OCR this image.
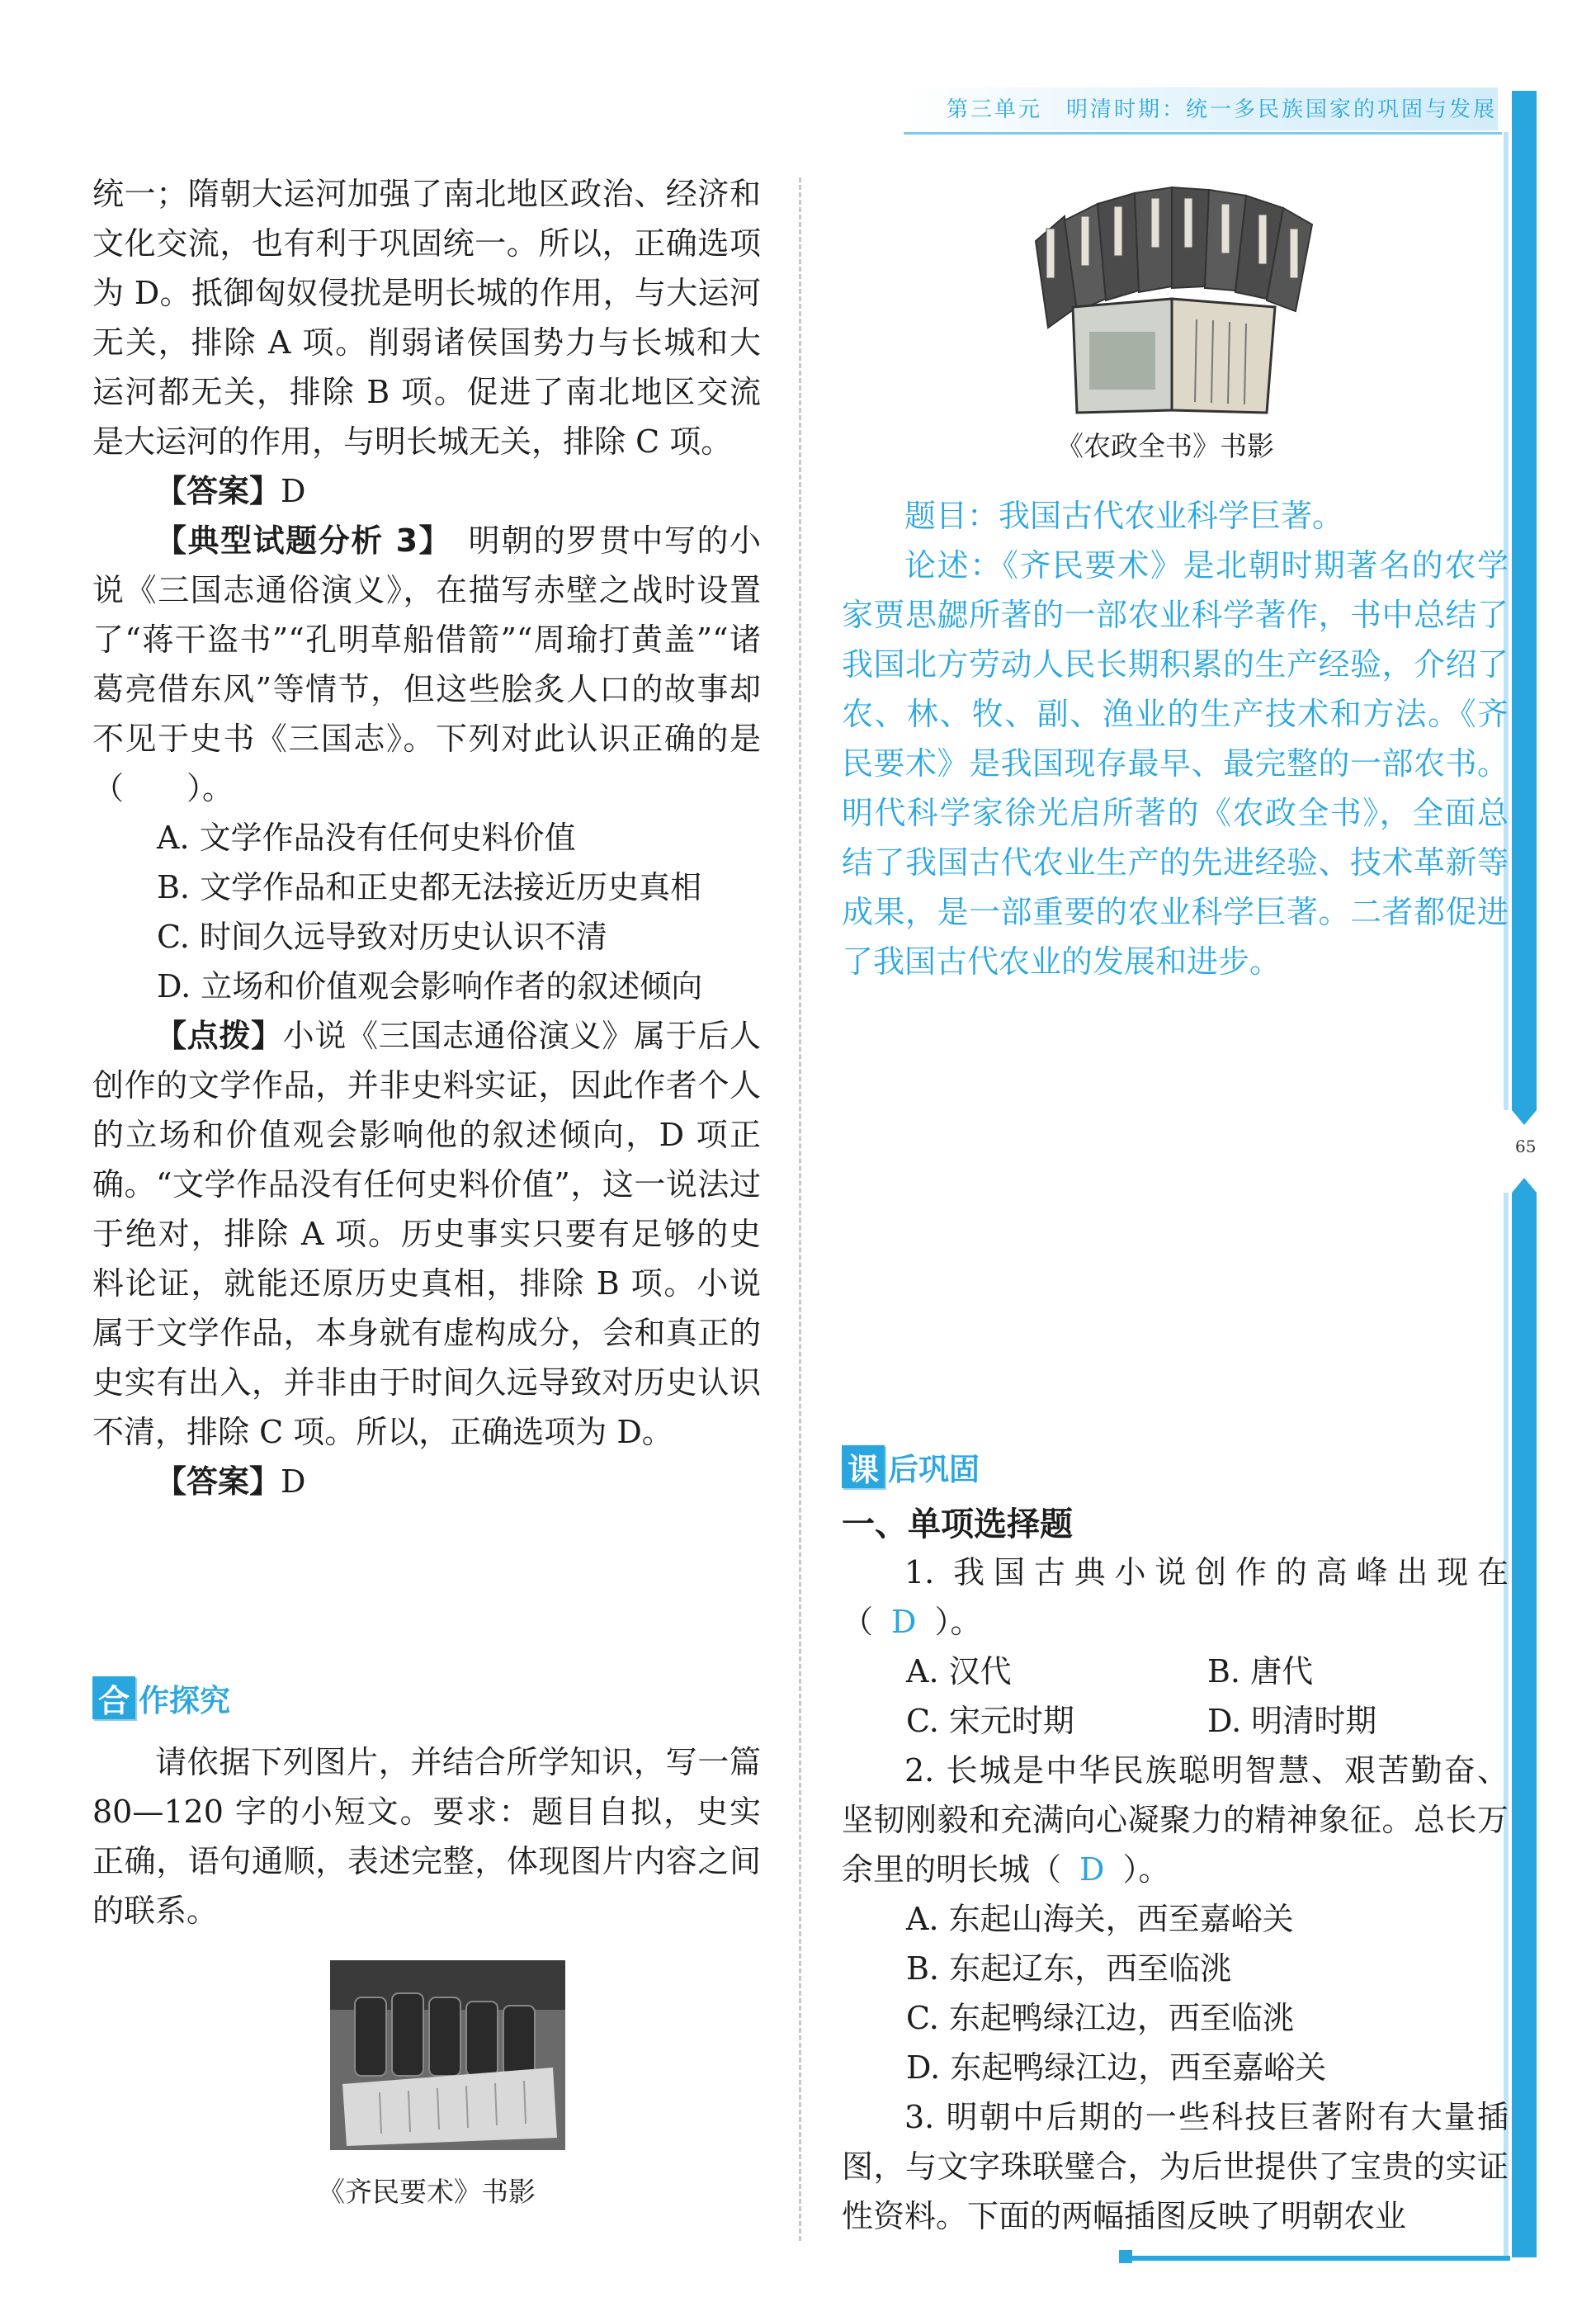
第三单元　明清时期：统一多民族国家的巩固与发展
65

统一；隋朝大运河加强了南北地区政治、经济和文化交流，也有利于巩固统一。所以，正确选项为 D。抵御匈奴侵扰是明长城的作用，与大运河无关，排除 A 项。削弱诸侯国势力与长城和大运河都无关，排除 B 项。促进了南北地区交流是大运河的作用，与明长城无关，排除 C 项。

【答案】D

【典型试题分析 3】　明朝的罗贯中写的小说《三国志通俗演义》，在描写赤壁之战时设置了“蒋干盗书”“孔明草船借箭”“周瑜打黄盖”“诸葛亮借东风”等情节，但这些脍炙人口的故事却不见于史书《三国志》。下列对此认识正确的是（　　）。

A. 文学作品没有任何史料价值

B. 文学作品和正史都无法接近历史真相

C. 时间久远导致对历史认识不清

D. 立场和价值观会影响作者的叙述倾向

【点拨】小说《三国志通俗演义》属于后人创作的文学作品，并非史料实证，因此作者个人的立场和价值观会影响他的叙述倾向，D 项正确。“文学作品没有任何史料价值”，这一说法过于绝对，排除 A 项。历史事实只要有足够的史料论证，就能还原历史真相，排除 B 项。小说属于文学作品，本身就有虚构成分，会和真正的史实有出入，并非由于时间久远导致对历史认识不清，排除 C 项。所以，正确选项为 D。

【答案】D

合 作探究

请依据下列图片，并结合所学知识，写一篇 80—120 字的小短文。要求：题目自拟，史实正确，语句通顺，表述完整，体现图片内容之间的联系。

《齐民要术》书影
《农政全书》书影

题目：我国古代农业科学巨著。

论述：《齐民要术》是北朝时期著名的农学家贾思勰所著的一部农业科学著作，书中总结了我国北方劳动人民长期积累的生产经验，介绍了农、林、牧、副、渔业的生产技术和方法。《齐民要术》是我国现存最早、最完整的一部农书。明代科学家徐光启所著的《农政全书》，全面总结了我国古代农业生产的先进经验、技术革新等成果，是一部重要的农业科学巨著。二者都促进了我国古代农业的发展和进步。

课 后巩固
一、单项选择题

1. 我国古典小说创作的高峰出现在（ D ）。

A. 汉代	B. 唐代
C. 宋元时期	D. 明清时期

2. 长城是中华民族聪明智慧、艰苦勤奋、坚韧刚毅和充满向心凝聚力的精神象征。总长万余里的明长城（ D ）。

A. 东起山海关，西至嘉峪关

B. 东起辽东，西至临洮

C. 东起鸭绿江边，西至临洮

D. 东起鸭绿江边，西至嘉峪关

3. 明朝中后期的一些科技巨著附有大量插图，与文字珠联璧合，为后世提供了宝贵的实证性资料。下面的两幅插图反映了明朝农业
